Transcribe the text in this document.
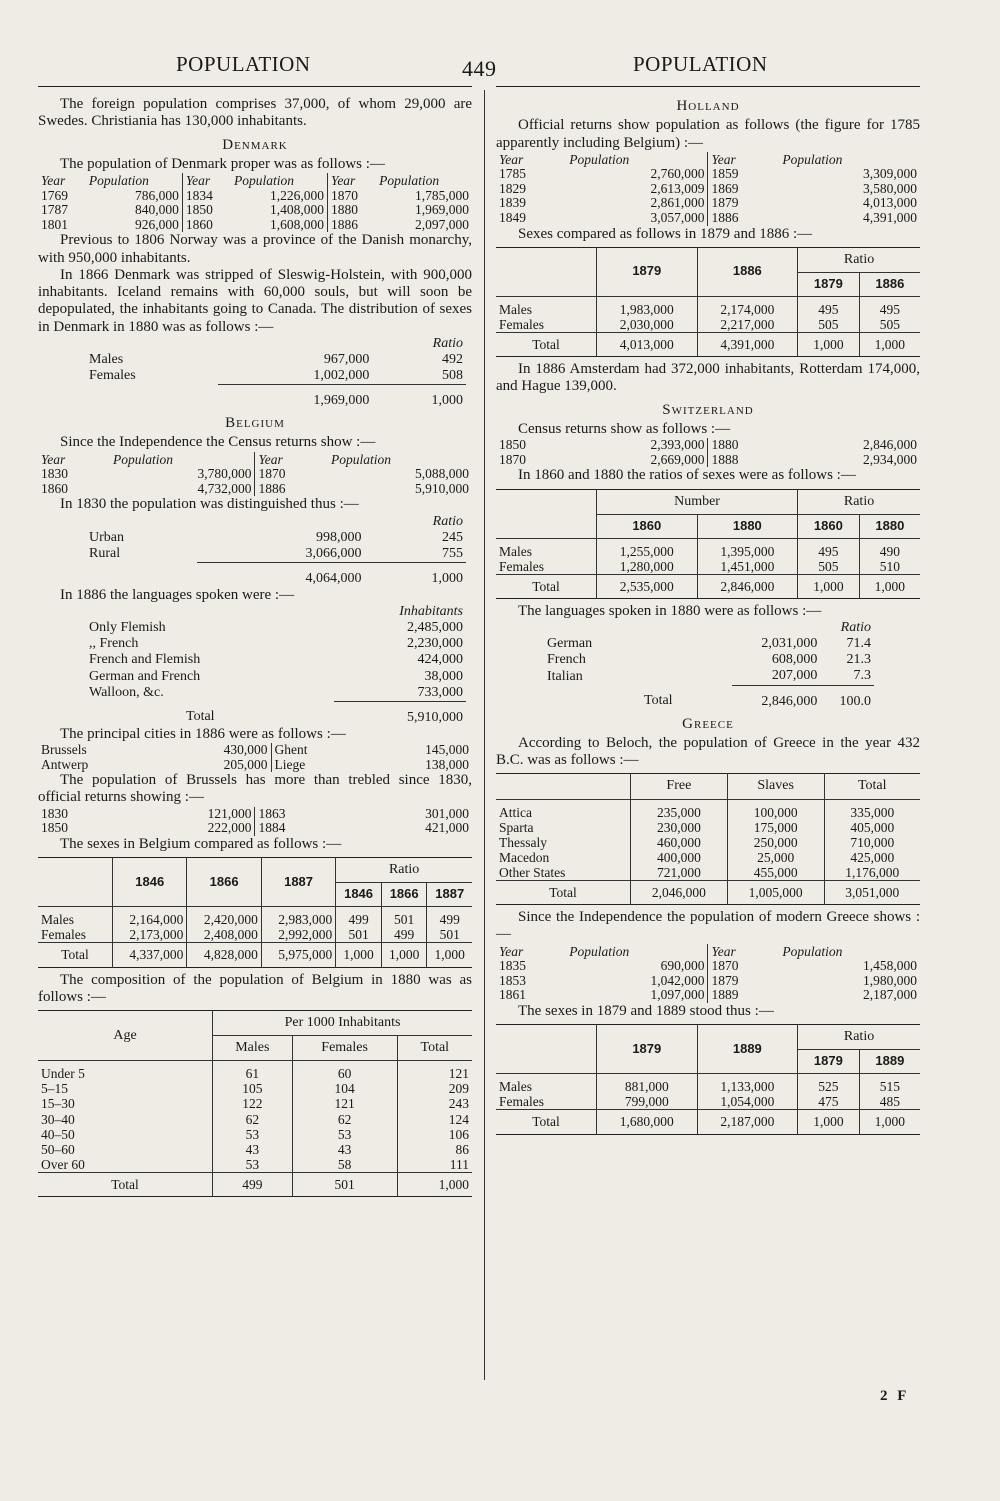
POPULATION	449	POPULATION

The foreign population comprises 37,000, of whom 29,000 are Swedes. Christiania has 130,000 inhabitants.

Denmark

The population of Denmark proper was as follows :—

Year	Population	Year	Population	Year	Population
1769	786,000	1834	1,226,000	1870	1,785,000
1787	840,000	1850	1,408,000	1880	1,969,000
1801	926,000	1860	1,608,000	1886	2,097,000

Previous to 1806 Norway was a province of the Danish monarchy, with 950,000 inhabitants.

In 1866 Denmark was stripped of Sleswig-Holstein, with 900,000 inhabitants. Iceland remains with 60,000 souls, but will soon be depopulated, the inhabitants going to Canada. The distribution of sexes in Denmark in 1880 was as follows :—

		Ratio
Males	967,000	492
Females	1,002,000	508
	1,969,000	1,000
Belgium

Since the Independence the Census returns show :—

Year	Population	Year	Population
1830	3,780,000	1870	5,088,000
1860	4,732,000	1886	5,910,000

In 1830 the population was distinguished thus :—

		Ratio
Urban	998,000	245
Rural	3,066,000	755
	4,064,000	1,000

In 1886 the languages spoken were :—

	Inhabitants
Only Flemish	2,485,000
,, French	2,230,000
French and Flemish	424,000
German and French	38,000
Walloon, &c.	733,000
Total	5,910,000

The principal cities in 1886 were as follows :—

Brussels	430,000	Ghent	145,000
Antwerp	205,000	Liege	138,000

The population of Brussels has more than trebled since 1830, official returns showing :—

1830	121,000	1863	301,000
1850	222,000	1884	421,000

The sexes in Belgium compared as follows :—

	1846	1866	1887	Ratio		
				1846	1866	1887
Males	2,164,000	2,420,000	2,983,000	499	501	499
Females	2,173,000	2,408,000	2,992,000	501	499	501
Total	4,337,000	4,828,000	5,975,000	1,000	1,000	1,000

The composition of the population of Belgium in 1880 was as follows :—

Age	Per 1000 Inhabitants		
	Males	Females	Total
Under 5	61	60	121
5–15	105	104	209
15–30	122	121	243
30–40	62	62	124
40–50	53	53	106
50–60	43	43	86
Over 60	53	58	111
Total	499	501	1,000
Holland

Official returns show population as follows (the figure for 1785 apparently including Belgium) :—

Year	Population	Year	Population
1785	2,760,000	1859	3,309,000
1829	2,613,009	1869	3,580,000
1839	2,861,000	1879	4,013,000
1849	3,057,000	1886	4,391,000

Sexes compared as follows in 1879 and 1886 :—

	1879	1886	Ratio	
			1879	1886
Males	1,983,000	2,174,000	495	495
Females	2,030,000	2,217,000	505	505
Total	4,013,000	4,391,000	1,000	1,000

In 1886 Amsterdam had 372,000 inhabitants, Rotterdam 174,000, and Hague 139,000.

Switzerland

Census returns show as follows :—

1850	2,393,000	1880	2,846,000
1870	2,669,000	1888	2,934,000

In 1860 and 1880 the ratios of sexes were as follows :—

	Number		Ratio	
	1860	1880	1860	1880
Males	1,255,000	1,395,000	495	490
Females	1,280,000	1,451,000	505	510
Total	2,535,000	2,846,000	1,000	1,000

The languages spoken in 1880 were as follows :—

		Ratio
German	2,031,000	71.4
French	608,000	21.3
Italian	207,000	7.3
Total	2,846,000	100.0
Greece

According to Beloch, the population of Greece in the year 432 B.C. was as follows :—

	Free	Slaves	Total
Attica	235,000	100,000	335,000
Sparta	230,000	175,000	405,000
Thessaly	460,000	250,000	710,000
Macedon	400,000	25,000	425,000
Other States	721,000	455,000	1,176,000
Total	2,046,000	1,005,000	3,051,000

Since the Independence the population of modern Greece shows :—

Year	Population	Year	Population
1835	690,000	1870	1,458,000
1853	1,042,000	1879	1,980,000
1861	1,097,000	1889	2,187,000

The sexes in 1879 and 1889 stood thus :—

	1879	1889	Ratio	
			1879	1889
Males	881,000	1,133,000	525	515
Females	799,000	1,054,000	475	485
Total	1,680,000	2,187,000	1,000	1,000
2 F
